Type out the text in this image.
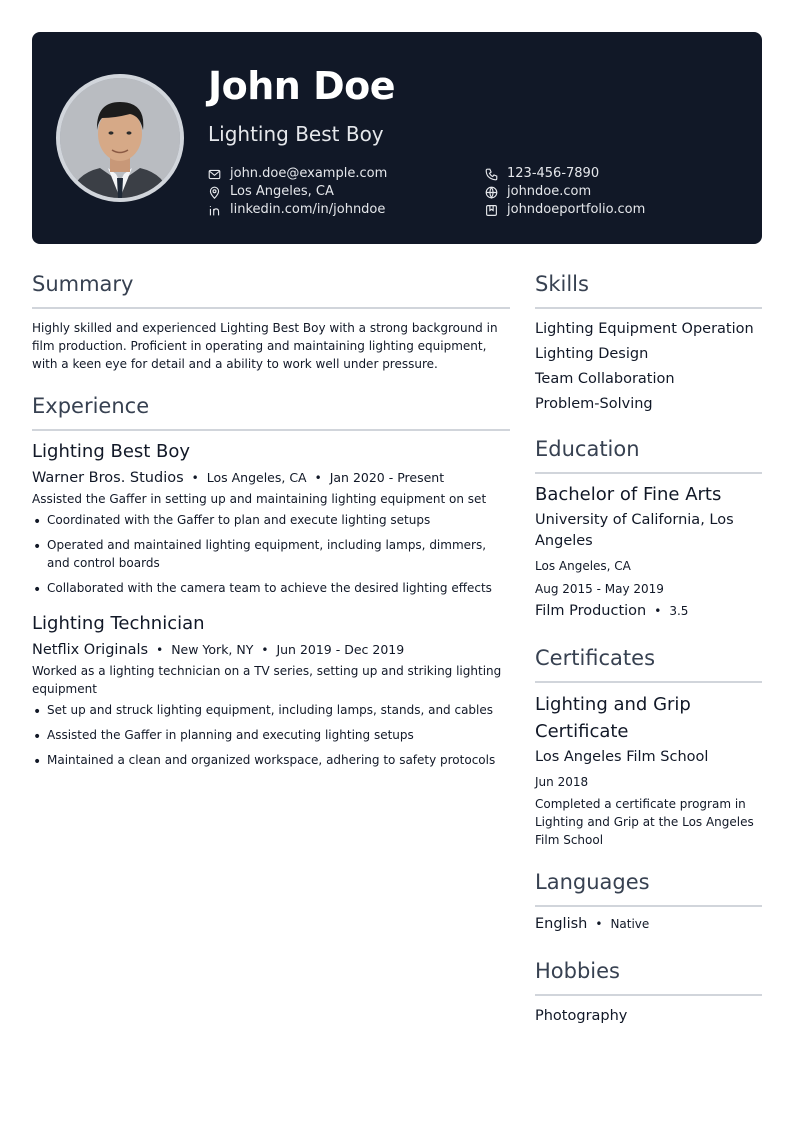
John Doe
Lighting Best Boy
john.doe@example.com
Los Angeles, CA
linkedin.com/in/johndoe
123-456-7890
johndoe.com
johndoeportfolio.com
Summary

Highly skilled and experienced Lighting Best Boy with a strong background in film production. Proficient in operating and maintaining lighting equipment, with a keen eye for detail and a ability to work well under pressure.

Experience
Lighting Best Boy
Warner Bros. Studios • Los Angeles, CA • Jan 2020 - Present

Assisted the Gaffer in setting up and maintaining lighting equipment on set

• Coordinated with the Gaffer to plan and execute lighting setups
• Operated and maintained lighting equipment, including lamps, dimmers, and control boards
• Collaborated with the camera team to achieve the desired lighting effects
Lighting Technician
Netflix Originals • New York, NY • Jun 2019 - Dec 2019

Worked as a lighting technician on a TV series, setting up and striking lighting equipment

• Set up and struck lighting equipment, including lamps, stands, and cables
• Assisted the Gaffer in planning and executing lighting setups
• Maintained a clean and organized workspace, adhering to safety protocols
Skills
Lighting Equipment Operation
Lighting Design
Team Collaboration
Problem-Solving
Education
Bachelor of Fine Arts
University of California, Los Angeles
Los Angeles, CA
Aug 2015 - May 2019
Film Production • 3.5
Certificates
Lighting and Grip Certificate
Los Angeles Film School
Jun 2018

Completed a certificate program in Lighting and Grip at the Los Angeles Film School

Languages
English • Native
Hobbies
Photography
